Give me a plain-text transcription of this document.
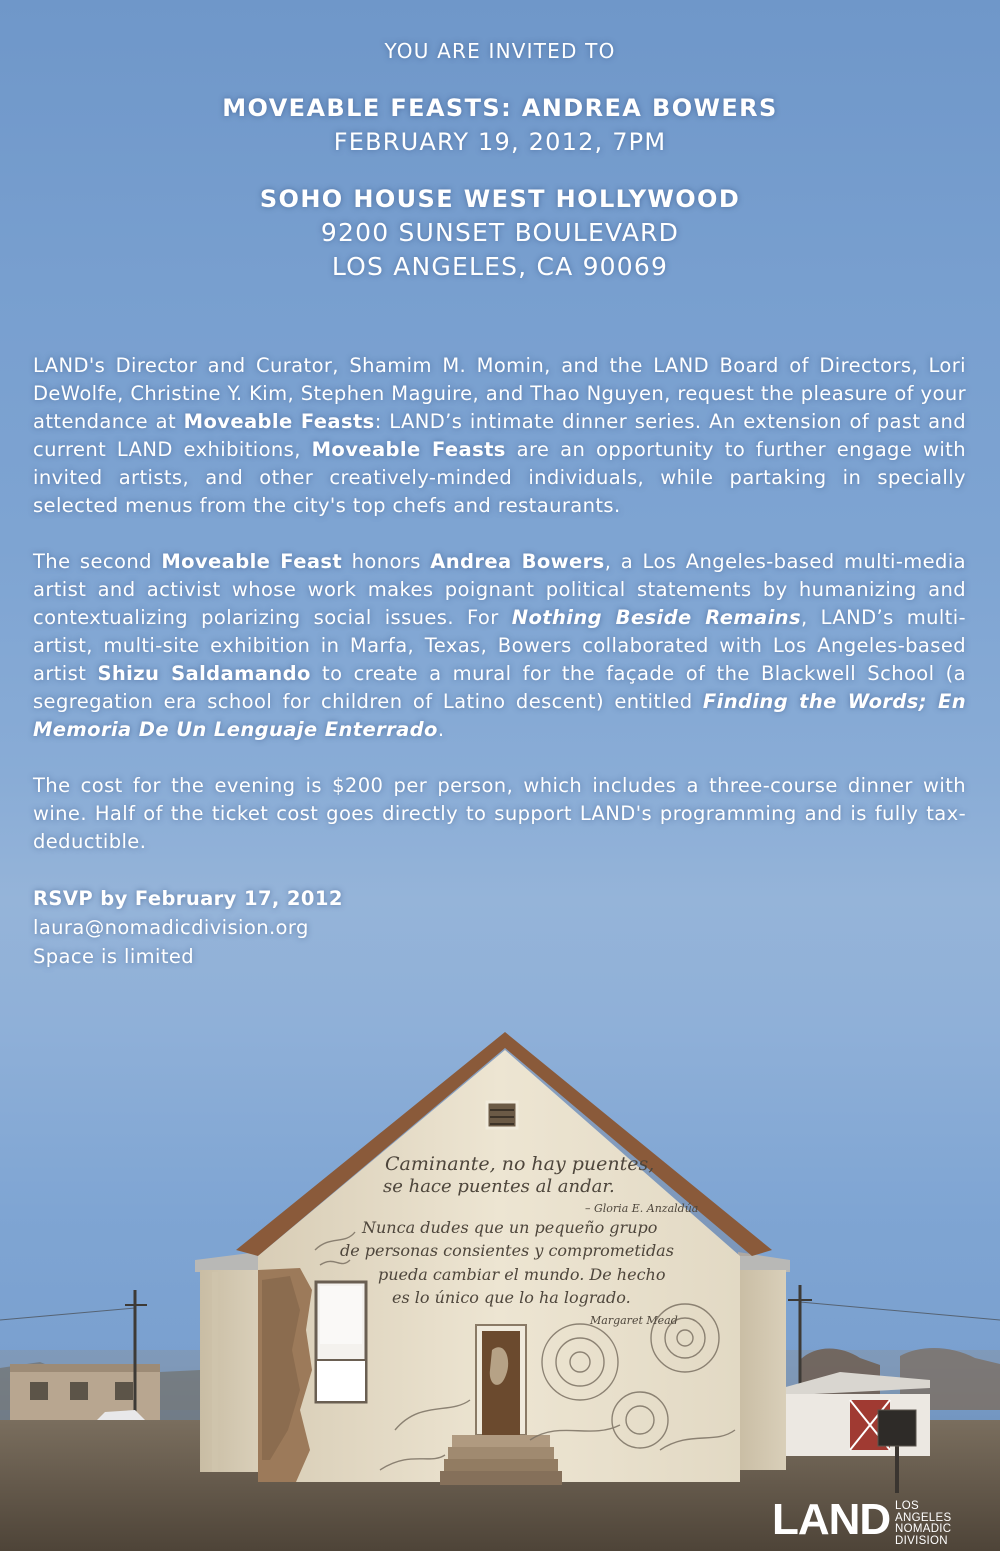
YOU ARE INVITED TO
MOVEABLE FEASTS: ANDREA BOWERS
FEBRUARY 19, 2012, 7PM
SOHO HOUSE WEST HOLLYWOOD
9200 SUNSET BOULEVARD
LOS ANGELES, CA 90069

LAND's Director and Curator, Shamim M. Momin, and the LAND Board of Directors, Lori DeWolfe, Christine Y. Kim, Stephen Maguire, and Thao Nguyen, request the pleasure of your attendance at Moveable Feasts: LAND’s intimate dinner series. An extension of past and current LAND exhibitions, Moveable Feasts are an opportunity to further engage with invited artists, and other creatively-minded individuals, while partaking in specially selected menus from the city's top chefs and restaurants.

The second Moveable Feast honors Andrea Bowers, a Los Angeles-based multi-media artist and activist whose work makes poignant political statements by humanizing and contextualizing polarizing social issues. For Nothing Beside Remains, LAND’s multi-artist, multi-site exhibition in Marfa, Texas, Bowers collaborated with Los Angeles-based artist Shizu Saldamando to create a mural for the façade of the Blackwell School (a segregation era school for children of Latino descent) entitled Finding the Words; En Memoria De Un Lenguaje Enterrado.

The cost for the evening is $200 per person, which includes a three-course dinner with wine. Half of the ticket cost goes directly to support LAND's programming and is fully tax-deductible.

RSVP by February 17, 2012
laura@nomadicdivision.org
Space is limited
Caminante, no hay puentes,
se hace puentes al andar.
– Gloria E. Anzaldúa
Nunca dudes que un pequeño grupo
de personas consientes y comprometidas
pueda cambiar el mundo. De hecho
es lo único que lo ha logrado.
Margaret Mead
LAND LOS ANGELES
NOMADIC
DIVISION
